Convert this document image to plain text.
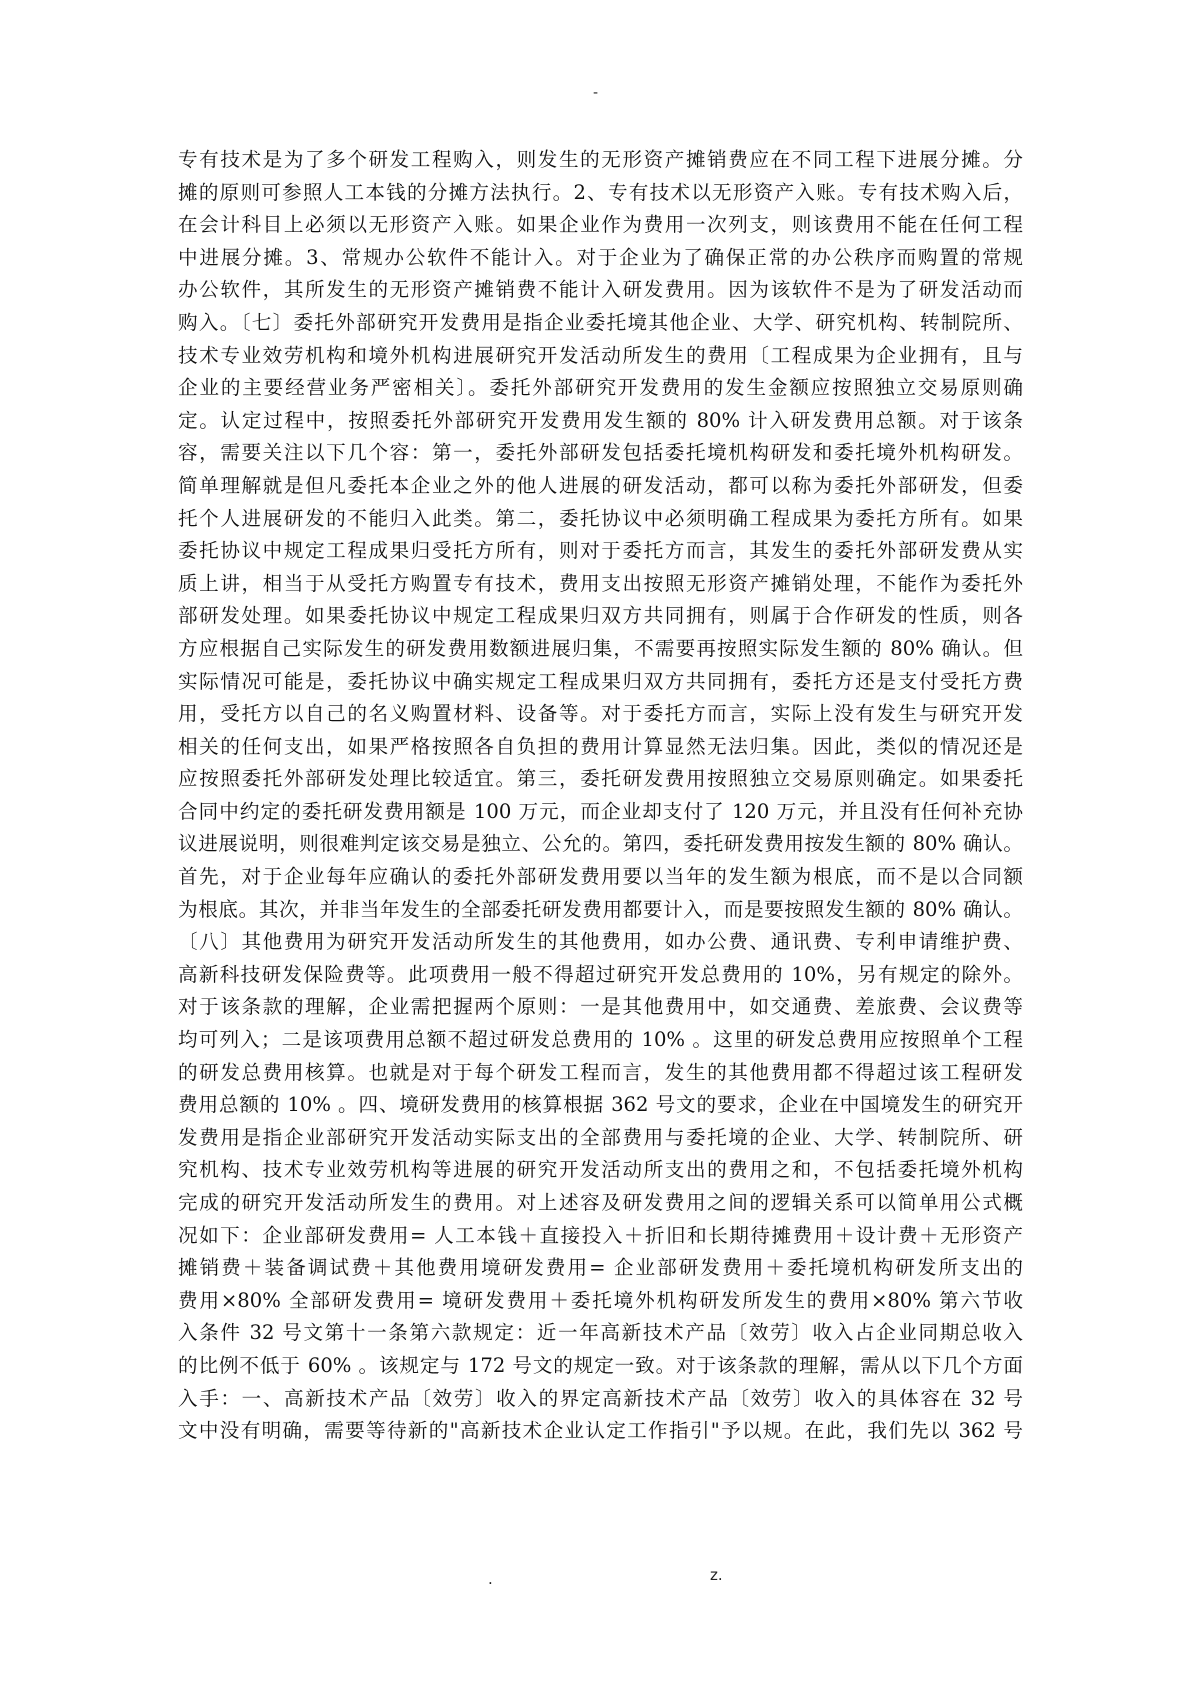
-
专有技术是为了多个研发工程购入，则发生的无形资产摊销费应在不同工程下进展分摊。分
摊的原则可参照人工本钱的分摊方法执行。2、专有技术以无形资产入账。专有技术购入后，
在会计科目上必须以无形资产入账。如果企业作为费用一次列支，则该费用不能在任何工程
中进展分摊。3、常规办公软件不能计入。对于企业为了确保正常的办公秩序而购置的常规
办公软件，其所发生的无形资产摊销费不能计入研发费用。因为该软件不是为了研发活动而
购入。〔七〕委托外部研究开发费用是指企业委托境其他企业、大学、研究机构、转制院所、
技术专业效劳机构和境外机构进展研究开发活动所发生的费用〔工程成果为企业拥有，且与
企业的主要经营业务严密相关〕。委托外部研究开发费用的发生金额应按照独立交易原则确
定。认定过程中，按照委托外部研究开发费用发生额的 80% 计入研发费用总额。对于该条
容，需要关注以下几个容：第一，委托外部研发包括委托境机构研发和委托境外机构研发。
简单理解就是但凡委托本企业之外的他人进展的研发活动，都可以称为委托外部研发，但委
托个人进展研发的不能归入此类。第二，委托协议中必须明确工程成果为委托方所有。如果
委托协议中规定工程成果归受托方所有，则对于委托方而言，其发生的委托外部研发费从实
质上讲，相当于从受托方购置专有技术，费用支出按照无形资产摊销处理，不能作为委托外
部研发处理。如果委托协议中规定工程成果归双方共同拥有，则属于合作研发的性质，则各
方应根据自己实际发生的研发费用数额进展归集，不需要再按照实际发生额的 80% 确认。但
实际情况可能是，委托协议中确实规定工程成果归双方共同拥有，委托方还是支付受托方费
用，受托方以自己的名义购置材料、设备等。对于委托方而言，实际上没有发生与研究开发
相关的任何支出，如果严格按照各自负担的费用计算显然无法归集。因此，类似的情况还是
应按照委托外部研发处理比较适宜。第三，委托研发费用按照独立交易原则确定。如果委托
合同中约定的委托研发费用额是 100 万元，而企业却支付了 120 万元，并且没有任何补充协
议进展说明，则很难判定该交易是独立、公允的。第四，委托研发费用按发生额的 80% 确认。
首先，对于企业每年应确认的委托外部研发费用要以当年的发生额为根底，而不是以合同额
为根底。其次，并非当年发生的全部委托研发费用都要计入，而是要按照发生额的 80% 确认。
〔八〕其他费用为研究开发活动所发生的其他费用，如办公费、通讯费、专利申请维护费、
高新科技研发保险费等。此项费用一般不得超过研究开发总费用的 10%，另有规定的除外。
对于该条款的理解，企业需把握两个原则：一是其他费用中，如交通费、差旅费、会议费等
均可列入；二是该项费用总额不超过研发总费用的 10% 。这里的研发总费用应按照单个工程
的研发总费用核算。也就是对于每个研发工程而言，发生的其他费用都不得超过该工程研发
费用总额的 10% 。四、境研发费用的核算根据 362 号文的要求，企业在中国境发生的研究开
发费用是指企业部研究开发活动实际支出的全部费用与委托境的企业、大学、转制院所、研
究机构、技术专业效劳机构等进展的研究开发活动所支出的费用之和，不包括委托境外机构
完成的研究开发活动所发生的费用。对上述容及研发费用之间的逻辑关系可以简单用公式概
况如下：企业部研发费用= 人工本钱＋直接投入＋折旧和长期待摊费用＋设计费＋无形资产
摊销费＋装备调试费＋其他费用境研发费用= 企业部研发费用＋委托境机构研发所支出的
费用×80% 全部研发费用= 境研发费用＋委托境外机构研发所发生的费用×80% 第六节收
入条件 32 号文第十一条第六款规定：近一年高新技术产品〔效劳〕收入占企业同期总收入
的比例不低于 60% 。该规定与 172 号文的规定一致。对于该条款的理解，需从以下几个方面
入手：一、高新技术产品〔效劳〕收入的界定高新技术产品〔效劳〕收入的具体容在 32 号
文中没有明确，需要等待新的"高新技术企业认定工作指引"予以规。在此，我们先以 362 号
.	z.
